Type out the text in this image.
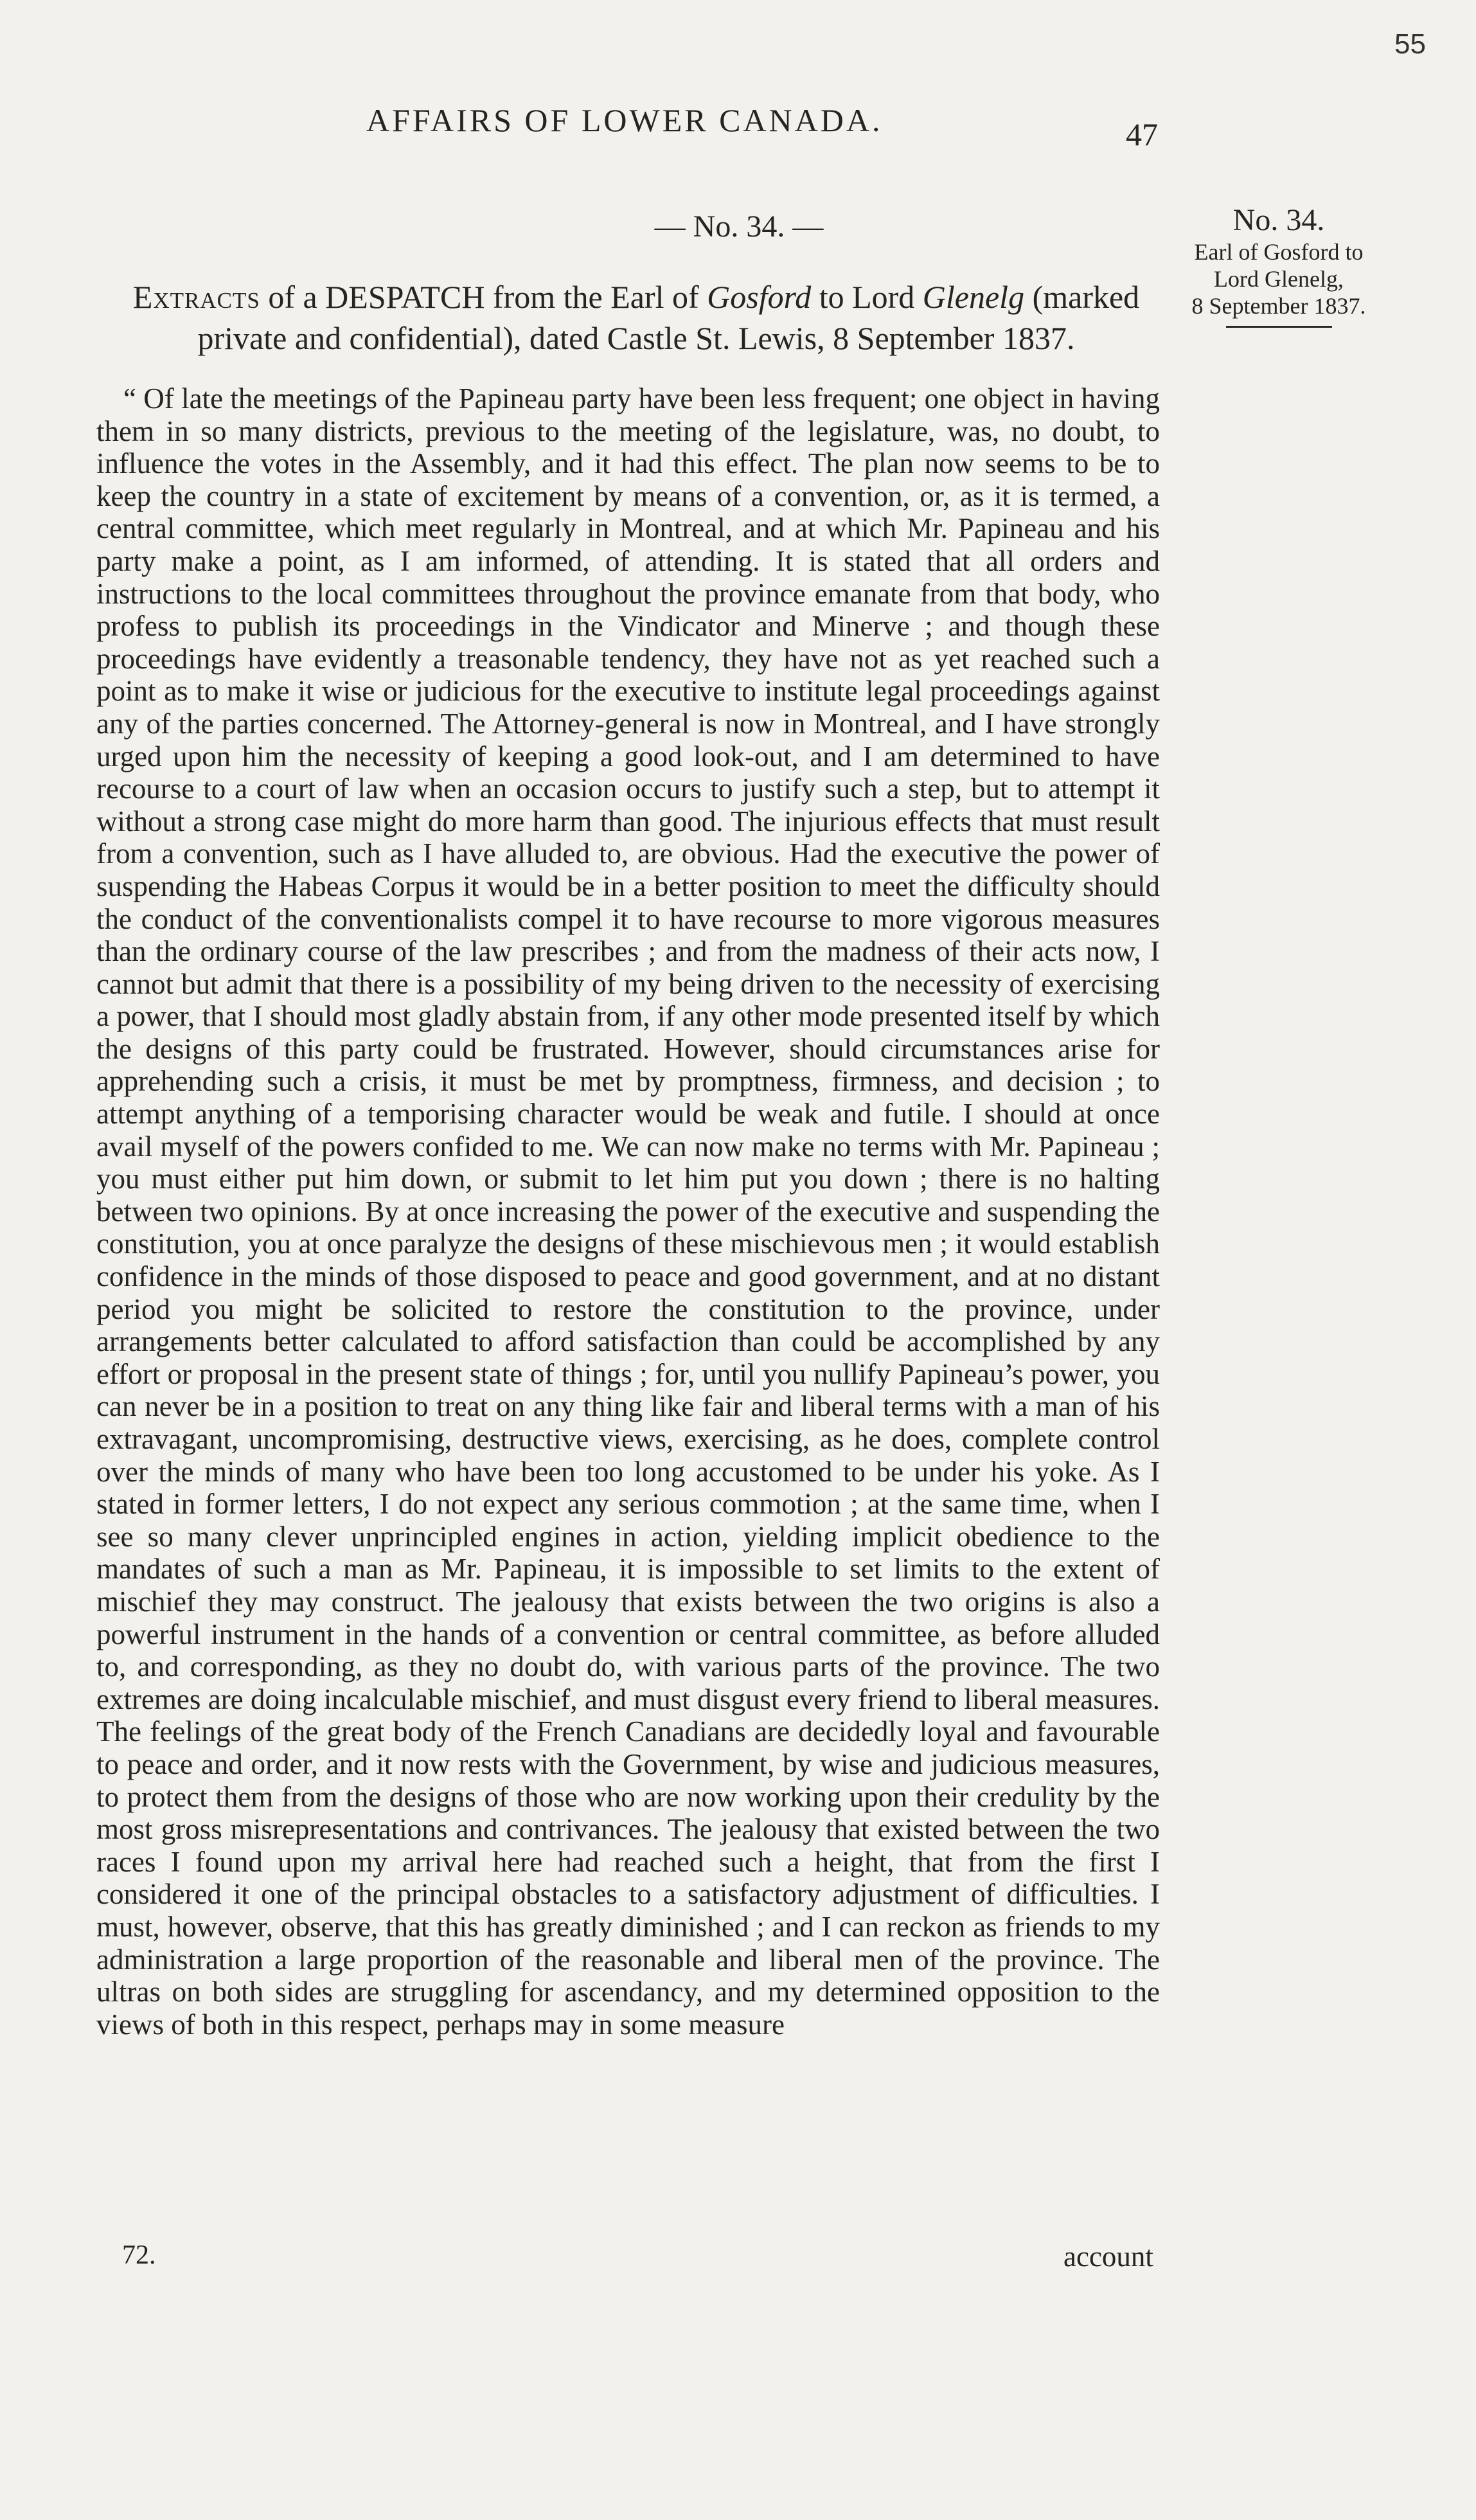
55
AFFAIRS OF LOWER CANADA.	47
— No. 34. —
Extracts of a DESPATCH from the Earl of Gosford to Lord Glenelg (marked private and confidential), dated Castle St. Lewis, 8 September 1837.
No. 34.
Earl of Gosford to
Lord Glenelg,
8 September 1837.

“ Of late the meetings of the Papineau party have been less frequent; one object in having them in so many districts, previous to the meeting of the legislature, was, no doubt, to influence the votes in the Assembly, and it had this effect. The plan now seems to be to keep the country in a state of excitement by means of a convention, or, as it is termed, a central committee, which meet regularly in Montreal, and at which Mr. Papineau and his party make a point, as I am informed, of attending. It is stated that all orders and instructions to the local committees throughout the province emanate from that body, who profess to publish its proceedings in the Vindicator and Minerve ; and though these proceedings have evidently a treasonable tendency, they have not as yet reached such a point as to make it wise or judicious for the executive to institute legal proceedings against any of the parties concerned. The Attorney-general is now in Montreal, and I have strongly urged upon him the necessity of keeping a good look-out, and I am determined to have recourse to a court of law when an occasion occurs to justify such a step, but to attempt it without a strong case might do more harm than good. The injurious effects that must result from a convention, such as I have alluded to, are obvious. Had the executive the power of suspending the Habeas Corpus it would be in a better position to meet the difficulty should the conduct of the conventionalists compel it to have recourse to more vigorous measures than the ordinary course of the law prescribes ; and from the madness of their acts now, I cannot but admit that there is a possibility of my being driven to the necessity of exercising a power, that I should most gladly abstain from, if any other mode presented itself by which the designs of this party could be frustrated. However, should circumstances arise for apprehending such a crisis, it must be met by promptness, firmness, and decision ; to attempt anything of a temporising character would be weak and futile. I should at once avail myself of the powers confided to me. We can now make no terms with Mr. Papineau ; you must either put him down, or submit to let him put you down ; there is no halting between two opinions. By at once increasing the power of the executive and suspending the constitution, you at once paralyze the designs of these mischievous men ; it would establish confidence in the minds of those disposed to peace and good government, and at no distant period you might be solicited to restore the constitution to the province, under arrangements better calculated to afford satisfaction than could be accomplished by any effort or proposal in the present state of things ; for, until you nullify Papineau’s power, you can never be in a position to treat on any thing like fair and liberal terms with a man of his extravagant, uncompromising, destructive views, exercising, as he does, complete control over the minds of many who have been too long accustomed to be under his yoke. As I stated in former letters, I do not expect any serious commotion ; at the same time, when I see so many clever unprincipled engines in action, yielding implicit obedience to the mandates of such a man as Mr. Papineau, it is impossible to set limits to the extent of mischief they may construct. The jealousy that exists between the two origins is also a powerful instrument in the hands of a convention or central committee, as before alluded to, and corresponding, as they no doubt do, with various parts of the province. The two extremes are doing incalculable mischief, and must disgust every friend to liberal measures. The feelings of the great body of the French Canadians are decidedly loyal and favourable to peace and order, and it now rests with the Government, by wise and judicious measures, to protect them from the designs of those who are now working upon their credulity by the most gross misrepresentations and contrivances. The jealousy that existed between the two races I found upon my arrival here had reached such a height, that from the first I considered it one of the principal obstacles to a satisfactory adjustment of difficulties. I must, however, observe, that this has greatly diminished ; and I can reckon as friends to my administration a large proportion of the reasonable and liberal men of the province. The ultras on both sides are struggling for ascendancy, and my determined opposition to the views of both in this respect, perhaps may in some measure

72.	account
